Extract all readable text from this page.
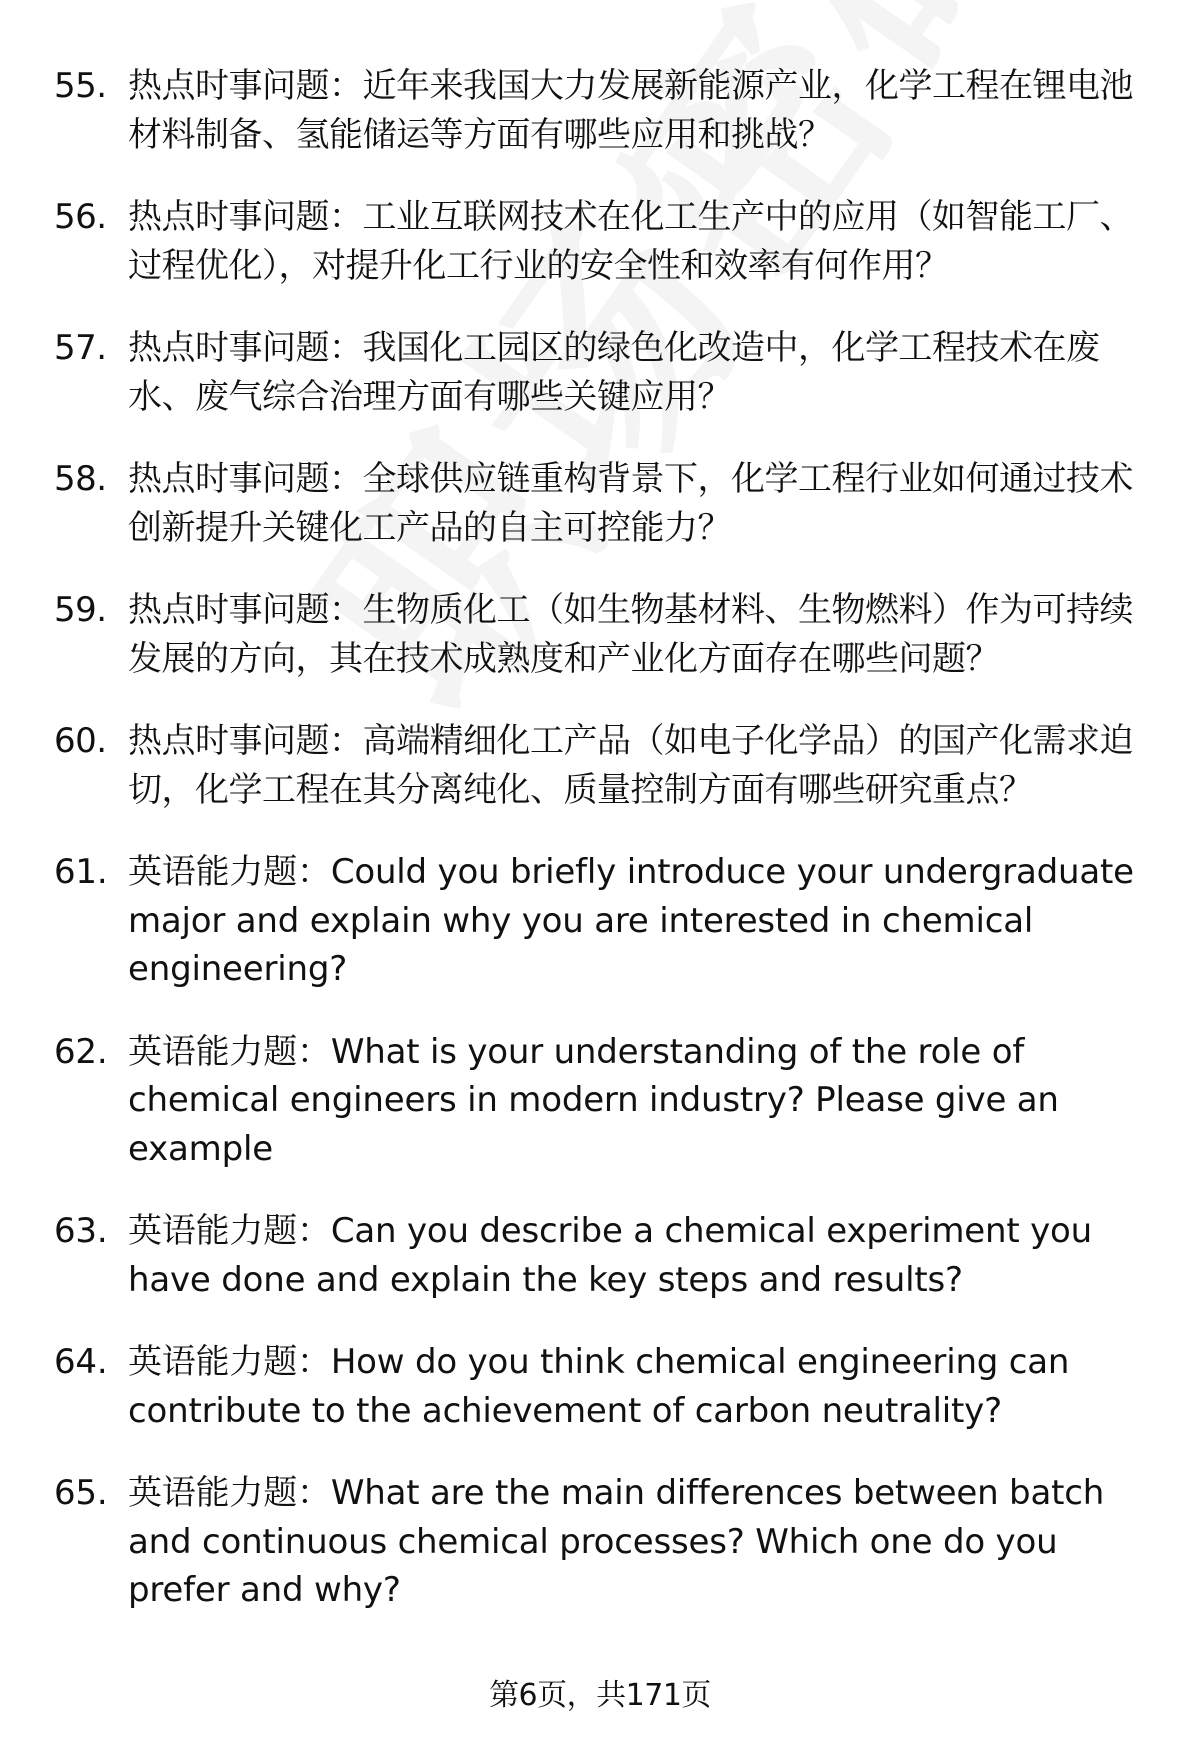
55. 热点时事问题：近年来我国大力发展新能源产业，化学工程在锂电池材料制备、氢能储运等方面有哪些应用和挑战？
56. 热点时事问题：工业互联网技术在化工生产中的应用（如智能工厂、过程优化），对提升化工行业的安全性和效率有何作用？
57. 热点时事问题：我国化工园区的绿色化改造中，化学工程技术在废水、废气综合治理方面有哪些关键应用？
58. 热点时事问题：全球供应链重构背景下，化学工程行业如何通过技术创新提升关键化工产品的自主可控能力？
59. 热点时事问题：生物质化工（如生物基材料、生物燃料）作为可持续发展的方向，其在技术成熟度和产业化方面存在哪些问题？
60. 热点时事问题：高端精细化工产品（如电子化学品）的国产化需求迫切，化学工程在其分离纯化、质量控制方面有哪些研究重点？
61. 英语能力题：Could you briefly introduce your undergraduate major and explain why you are interested in chemical engineering?
62. 英语能力题：What is your understanding of the role of chemical engineers in modern industry? Please give an example
63. 英语能力题：Can you describe a chemical experiment you have done and explain the key steps and results?
64. 英语能力题：How do you think chemical engineering can contribute to the achievement of carbon neutrality?
65. 英语能力题：What are the main differences between batch and continuous chemical processes? Which one do you prefer and why?
第6页，共171页
